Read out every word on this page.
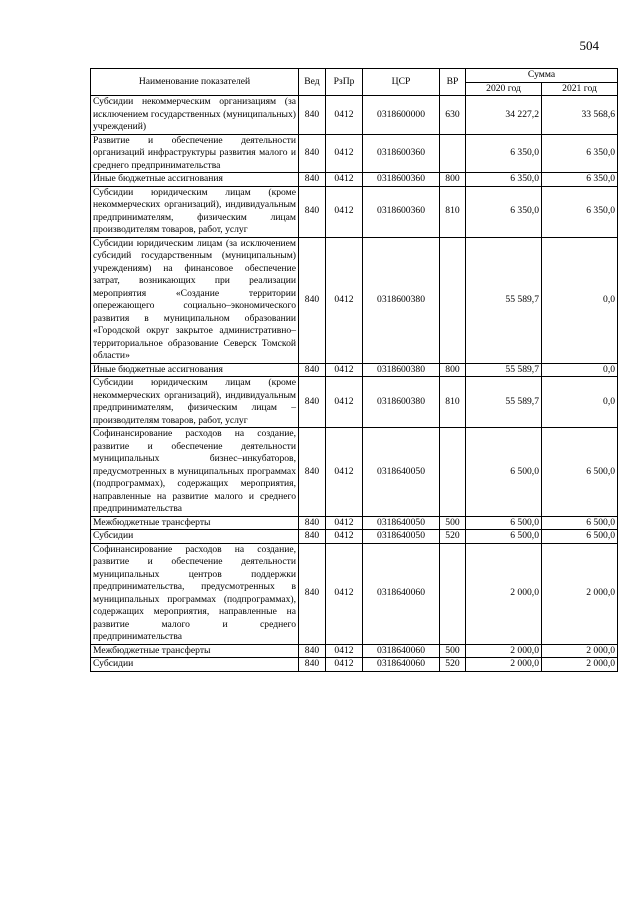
504
Наименование показателей	Вед	РзПр	ЦСР	ВР	Сумма	
					2020 год	2021 год
Субсидии некоммерческим организациям (за исключением государственных (муниципальных) учреждений)	840	0412	0318600000	630	34 227,2	33 568,6
Развитие и обеспечение деятельности организаций инфраструктуры развития малого и среднего предпринимательства	840	0412	0318600360		6 350,0	6 350,0
Иные бюджетные ассигнования	840	0412	0318600360	800	6 350,0	6 350,0
Субсидии юридическим лицам (кроме некоммерческих организаций), индивидуальным предпринимателям, физическим лицам производителям товаров, работ, услуг	840	0412	0318600360	810	6 350,0	6 350,0
Субсидии юридическим лицам (за исключением субсидий государственным (муниципальным) учреждениям) на финансовое обеспечение затрат, возникающих при реализации мероприятия «Создание территории опережающего социально–экономического развития в муниципальном образовании «Городской округ закрытое административно–территориальное образование Северск Томской области»	840	0412	0318600380		55 589,7	0,0
Иные бюджетные ассигнования	840	0412	0318600380	800	55 589,7	0,0
Субсидии юридическим лицам (кроме некоммерческих организаций), индивидуальным предпринимателям, физическим лицам – производителям товаров, работ, услуг	840	0412	0318600380	810	55 589,7	0,0
Софинансирование расходов на создание, развитие и обеспечение деятельности муниципальных бизнес–инкубаторов, предусмотренных в муниципальных программах (подпрограммах), содержащих мероприятия, направленные на развитие малого и среднего предпринимательства	840	0412	0318640050		6 500,0	6 500,0
Межбюджетные трансферты	840	0412	0318640050	500	6 500,0	6 500,0
Субсидии	840	0412	0318640050	520	6 500,0	6 500,0
Софинансирование расходов на создание, развитие и обеспечение деятельности муниципальных центров поддержки предпринимательства, предусмотренных в муниципальных программах (подпрограммах), содержащих мероприятия, направленные на развитие малого и среднего предпринимательства	840	0412	0318640060		2 000,0	2 000,0
Межбюджетные трансферты	840	0412	0318640060	500	2 000,0	2 000,0
Субсидии	840	0412	0318640060	520	2 000,0	2 000,0
